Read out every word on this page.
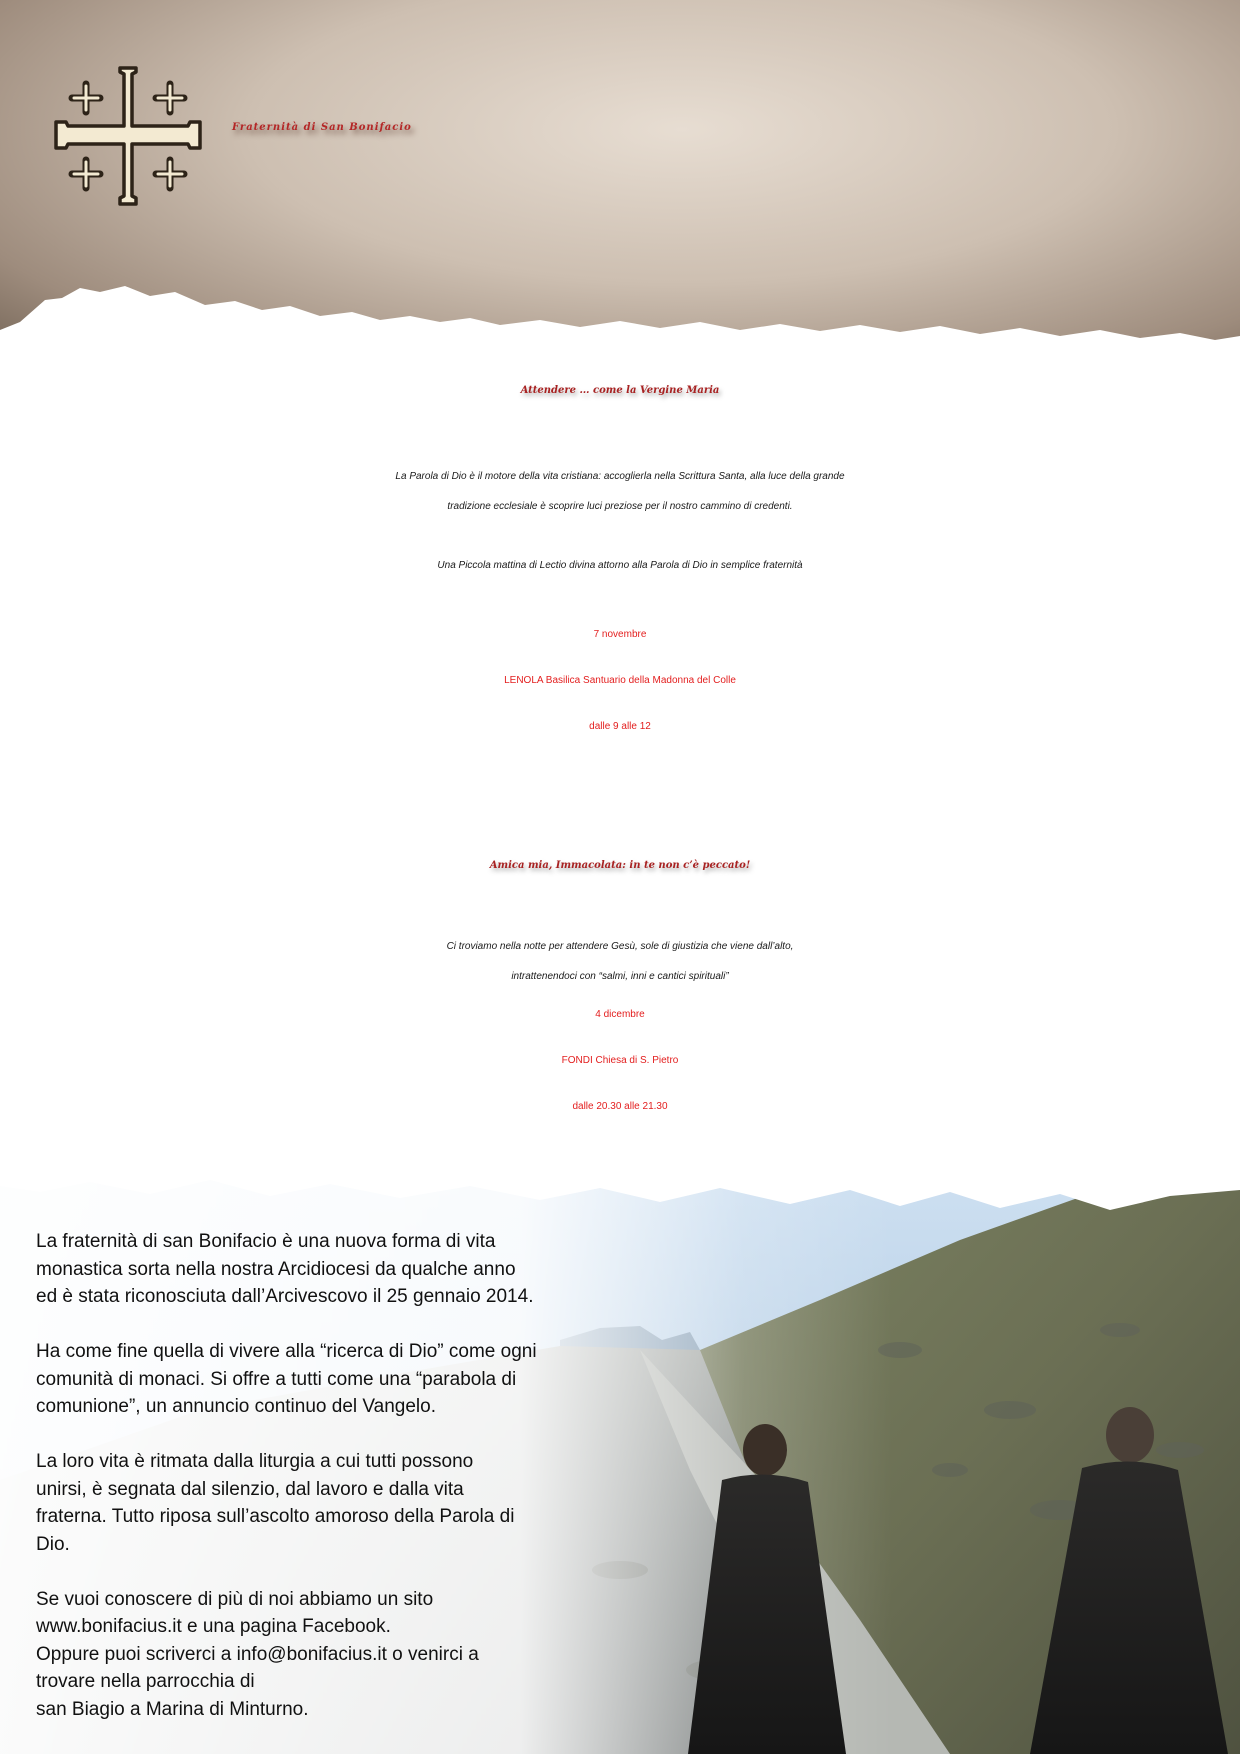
Fraternità di San Bonifacio
Attendere … come la Vergine Maria
La Parola di Dio è il motore della vita cristiana: accoglierla nella Scrittura Santa, alla luce della grande
tradizione ecclesiale è scoprire luci preziose per il nostro cammino di credenti.
Una Piccola mattina di Lectio divina attorno alla Parola di Dio in semplice fraternità
7 novembre
LENOLA Basilica Santuario della Madonna del Colle
dalle 9 alle 12
Amica mia, Immacolata: in te non c’è peccato!
Ci troviamo nella notte per attendere Gesù, sole di giustizia che viene dall’alto,
intrattenendoci con “salmi, inni e cantici spirituali”
4 dicembre
FONDI Chiesa di S. Pietro
dalle 20.30 alle 21.30

La fraternità di san Bonifacio è una nuova forma di vita
monastica sorta nella nostra Arcidiocesi da qualche anno
ed è stata riconosciuta dall’Arcivescovo il 25 gennaio 2014.

Ha come fine quella di vivere alla “ricerca di Dio” come ogni
comunità di monaci. Si offre a tutti come una “parabola di
comunione”, un annuncio continuo del Vangelo.

La loro vita è ritmata dalla liturgia a cui tutti possono
unirsi, è segnata dal silenzio, dal lavoro e dalla vita
fraterna. Tutto riposa sull’ascolto amoroso della Parola di
Dio.

Se vuoi conoscere di più di noi abbiamo un sito
www.bonifacius.it e una pagina Facebook.
Oppure puoi scriverci a info@bonifacius.it o venirci a
trovare nella parrocchia di
san Biagio a Marina di Minturno.
